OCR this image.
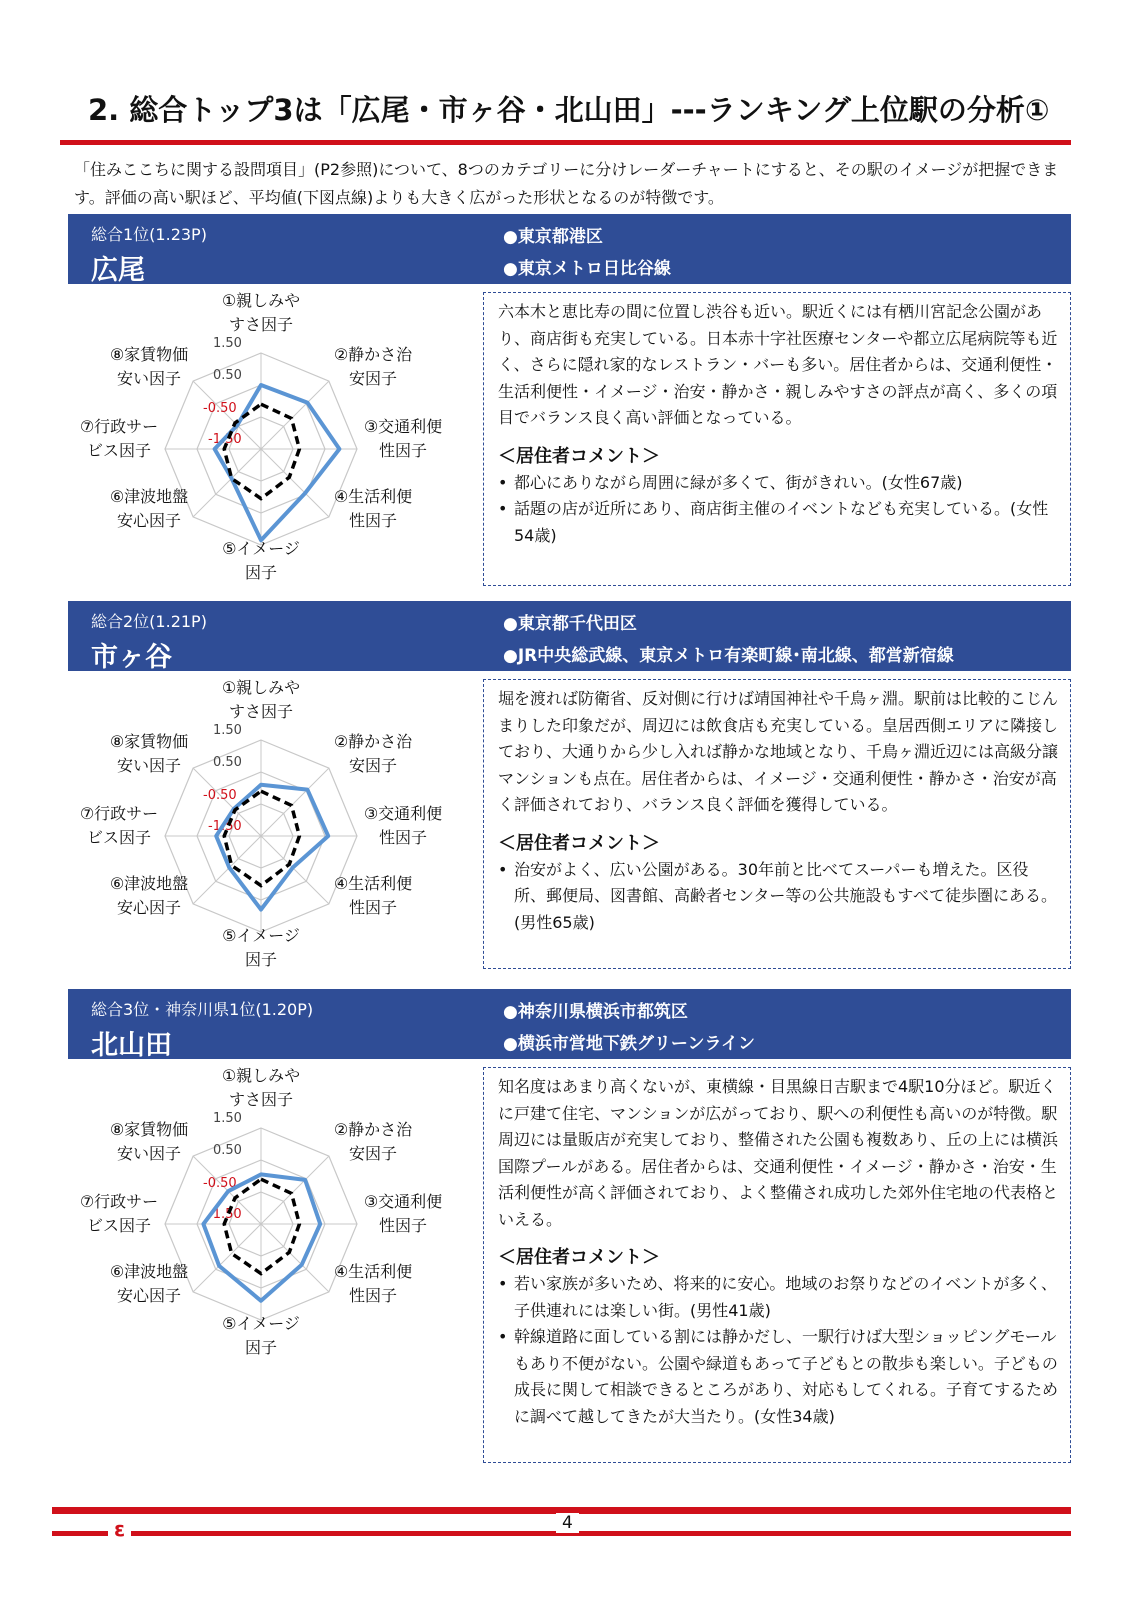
2. 総合トップ3は「広尾・市ヶ谷・北山田」---ランキング上位駅の分析①
「住みここちに関する設問項目」(P2参照)について、8つのカテゴリーに分けレーダーチャートにすると、その駅のイメージが把握できます。評価の高い駅ほど、平均値(下図点線)よりも大きく広がった形状となるのが特徴です。
総合1位(1.23P)
広尾
●東京都港区
●東京メトロ日比谷線
1.50
0.50
-0.50
-1.50
①親しみや
すさ因子
②静かさ治
安因子
③交通利便
性因子
④生活利便
性因子
⑤イメージ
因子
⑥津波地盤
安心因子
⑦行政サー
ビス因子
⑧家賃物価
安い因子
六本木と恵比寿の間に位置し渋谷も近い。駅近くには有栖川宮記念公園があり、商店街も充実している。日本赤十字社医療センターや都立広尾病院等も近く、さらに隠れ家的なレストラン・バーも多い。居住者からは、交通利便性・生活利便性・イメージ・治安・静かさ・親しみやすさの評点が高く、多くの項目でバランス良く高い評価となっている。
＜居住者コメント＞
• 都心にありながら周囲に緑が多くて、街がきれい。(女性67歳)
• 話題の店が近所にあり、商店街主催のイベントなども充実している。(女性54歳)
総合2位(1.21P)
市ヶ谷
●東京都千代田区
●JR中央総武線、東京メトロ有楽町線･南北線、都営新宿線
1.50
0.50
-0.50
-1.50
①親しみや
すさ因子
②静かさ治
安因子
③交通利便
性因子
④生活利便
性因子
⑤イメージ
因子
⑥津波地盤
安心因子
⑦行政サー
ビス因子
⑧家賃物価
安い因子
堀を渡れば防衛省、反対側に行けば靖国神社や千鳥ヶ淵。駅前は比較的こじんまりした印象だが、周辺には飲食店も充実している。皇居西側エリアに隣接しており、大通りから少し入れば静かな地域となり、千鳥ヶ淵近辺には高級分譲マンションも点在。居住者からは、イメージ・交通利便性・静かさ・治安が高く評価されており、バランス良く評価を獲得している。
＜居住者コメント＞
• 治安がよく、広い公園がある。30年前と比べてスーパーも増えた。区役所、郵便局、図書館、高齢者センター等の公共施設もすべて徒歩圏にある。(男性65歳)
総合3位・神奈川県1位(1.20P)
北山田
●神奈川県横浜市都筑区
●横浜市営地下鉄グリーンライン
1.50
0.50
-0.50
-1.50
①親しみや
すさ因子
②静かさ治
安因子
③交通利便
性因子
④生活利便
性因子
⑤イメージ
因子
⑥津波地盤
安心因子
⑦行政サー
ビス因子
⑧家賃物価
安い因子
知名度はあまり高くないが、東横線・目黒線日吉駅まで4駅10分ほど。駅近くに戸建て住宅、マンションが広がっており、駅への利便性も高いのが特徴。駅周辺には量販店が充実しており、整備された公園も複数あり、丘の上には横浜国際プールがある。居住者からは、交通利便性・イメージ・静かさ・治安・生活利便性が高く評価されており、よく整備され成功した郊外住宅地の代表格といえる。
＜居住者コメント＞
• 若い家族が多いため、将来的に安心。地域のお祭りなどのイベントが多く、子供連れには楽しい街。(男性41歳)
• 幹線道路に面している割には静かだし、一駅行けば大型ショッピングモールもあり不便がない。公園や緑道もあって子どもとの散歩も楽しい。子どもの成長に関して相談できるところがあり、対応もしてくれる。子育てするために調べて越してきたが大当たり。(女性34歳)
ε	4
